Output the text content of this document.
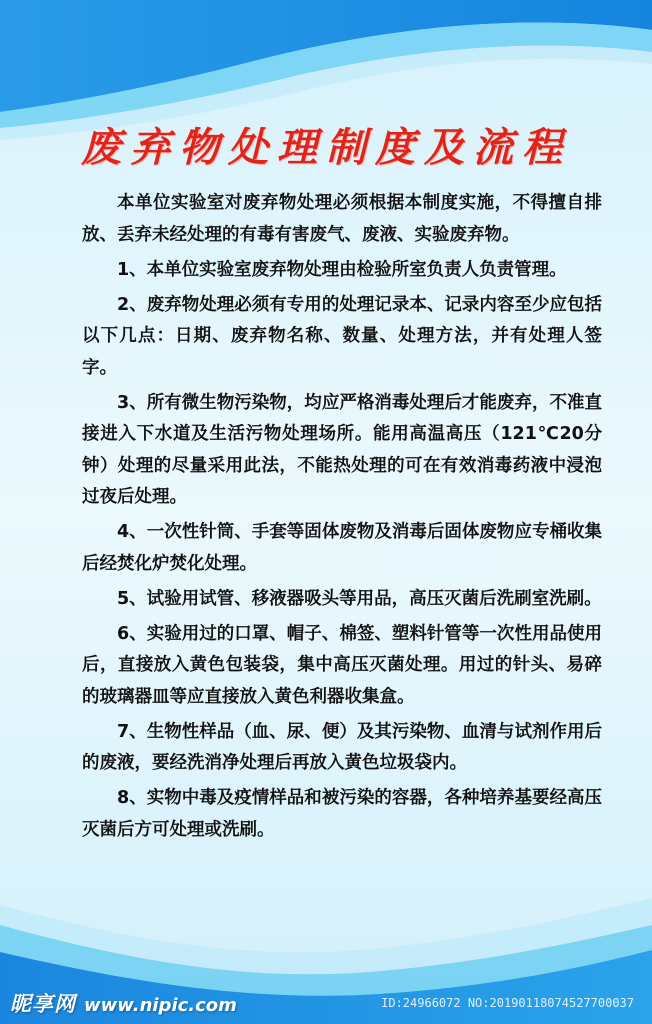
废弃物处理制度及流程

本单位实验室对废弃物处理必须根据本制度实施，不得擅自排放、丢弃未经处理的有毒有害废气、废液、实验废弃物。

1、本单位实验室废弃物处理由检验所室负责人负责管理。

2、废弃物处理必须有专用的处理记录本、记录内容至少应包括以下几点：日期、废弃物名称、数量、处理方法，并有处理人签字。

3、所有微生物污染物，均应严格消毒处理后才能废弃，不准直接进入下水道及生活污物处理场所。能用高温高压（121℃20分钟）处理的尽量采用此法，不能热处理的可在有效消毒药液中浸泡过夜后处理。

4、一次性针筒、手套等固体废物及消毒后固体废物应专桶收集后经焚化炉焚化处理。

5、试验用试管、移液器吸头等用品，高压灭菌后洗刷室洗刷。

6、实验用过的口罩、帽子、棉签、塑料针管等一次性用品使用后，直接放入黄色包装袋，集中高压灭菌处理。用过的针头、易碎的玻璃器皿等应直接放入黄色利器收集盒。

7、生物性样品（血、尿、便）及其污染物、血清与试剂作用后的废液，要经洗消净处理后再放入黄色垃圾袋内。

8、实物中毒及疫情样品和被污染的容器，各种培养基要经高压灭菌后方可处理或洗刷。

昵享网 www.nipic.com	ID:24966072 NO:20190118074527700037
